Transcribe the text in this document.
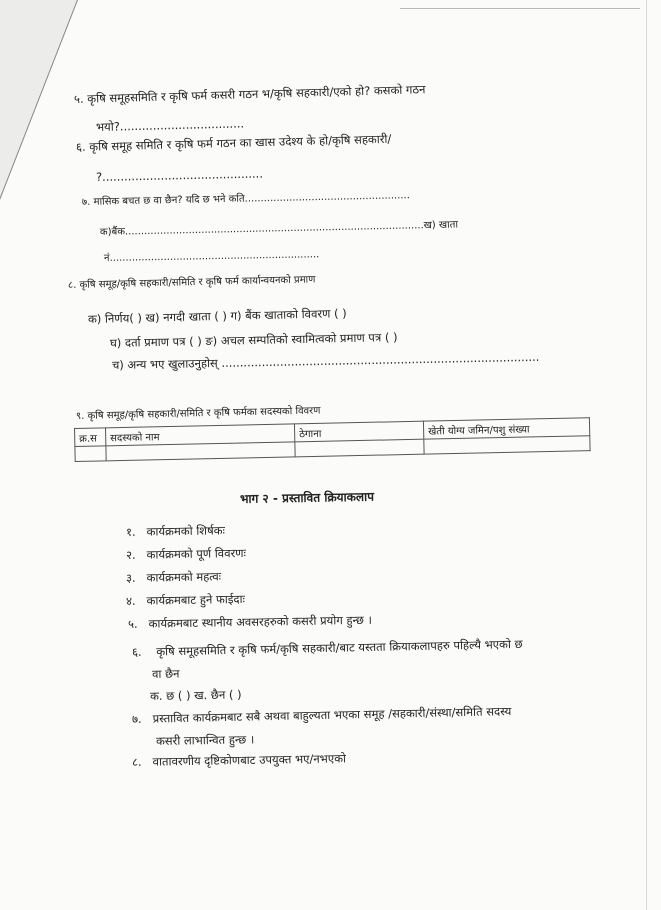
५. कृषि समूहसमिति र कृषि फर्म कसरी गठन भ/कृषि सहकारी/एको हो? कसको गठन
भयो?..................................
६. कृषि समूह समिति र कृषि फर्म गठन का खास उदेश्य के हो/कृषि सहकारी/
?............................................
७. मासिक बचत छ वा छैन? यदि छ भने कति....................................................
क)बैंक..............................................................................................ख) खाता
नं..................................................................
८. कृषि समूह/कृषि सहकारी/समिति र कृषि फर्म कार्यान्वयनको प्रमाण
क) निर्णय( ) ख) नगदी खाता ( ) ग) बैंक खाताको विवरण ( )
घ) दर्ता प्रमाण पत्र ( ) ङ) अचल सम्पतिको स्वामित्वको प्रमाण पत्र ( )
च) अन्य भए खुलाउनुहोस् .......................................................................................
९. कृषि समूह/कृषि सहकारी/समिति र कृषि फर्मका सदस्यको विवरण
क्र.स	सदस्यको नाम	ठेगाना	खेती योग्य जमिन/पशु संख्या

भाग २ - प्रस्तावित क्रियाकलाप
१. कार्यक्रमको शिर्षकः
२. कार्यक्रमको पूर्ण विवरणः
३. कार्यक्रमको महत्वः
४. कार्यक्रमबाट हुने फाईदाः
५. कार्यक्रमबाट स्थानीय अवसरहरुको कसरी प्रयोग हुन्छ ।
६. कृषि समूहसमिति र कृषि फर्म/कृषि सहकारी/बाट यस्तता क्रियाकलापहरु पहिल्यै भएको छ
वा छैन
क. छ ( ) ख. छैन ( )
७. प्रस्तावित कार्यक्रमबाट सबै अथवा बाहुल्यता भएका समूह /सहकारी/संस्था/समिति सदस्य
कसरी लाभान्वित हुन्छ ।
८. वातावरणीय दृष्टिकोणबाट उपयुक्त भए/नभएको
